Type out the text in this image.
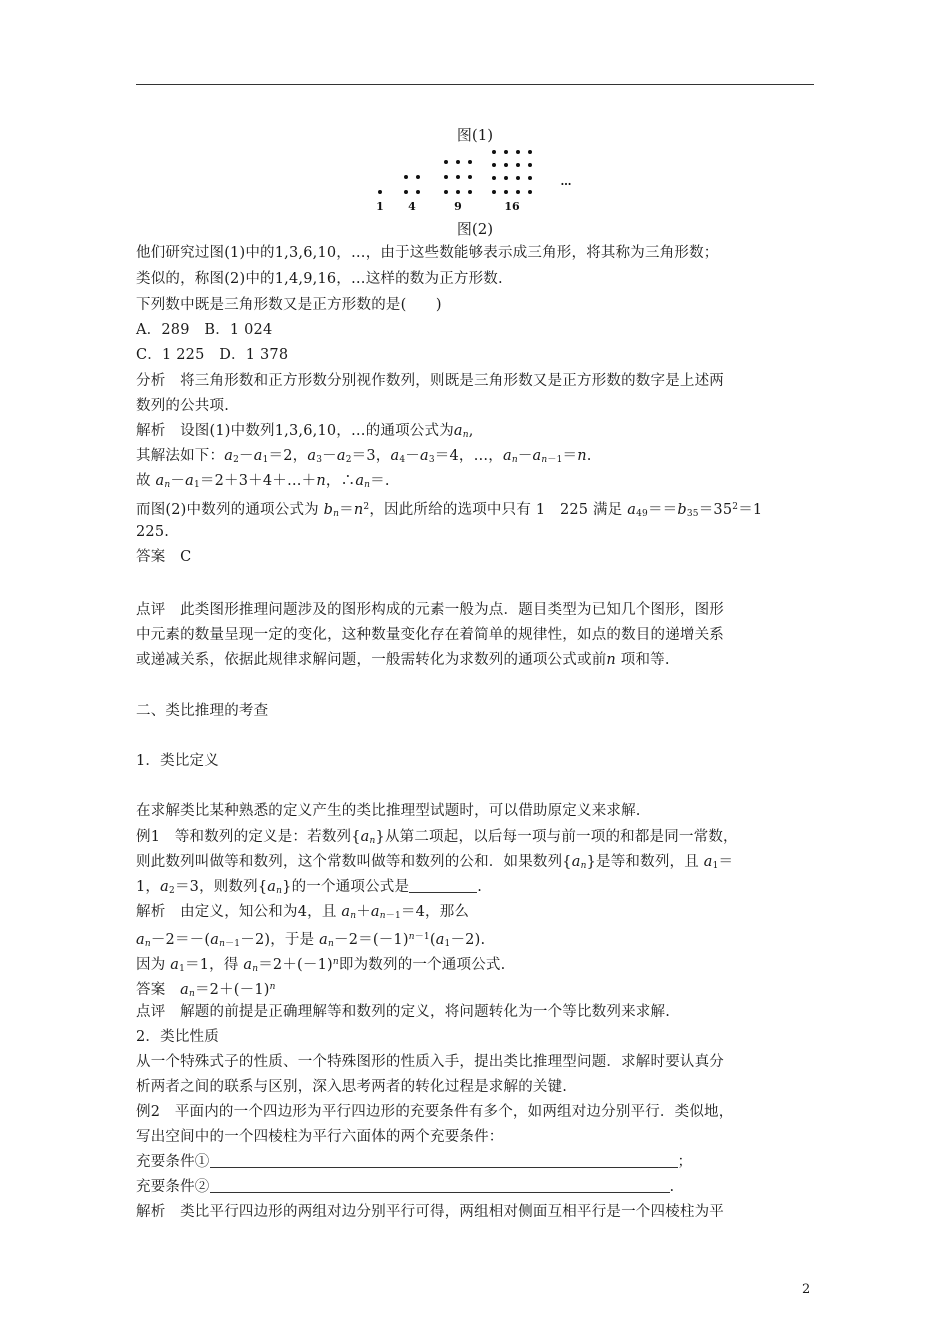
图(1)
1 4	9	16
…
图(2)
他们研究过图(1)中的1,3,6,10，…，由于这些数能够表示成三角形，将其称为三角形数；
类似的，称图(2)中的1,4,9,16，…这样的数为正方形数.
下列数中既是三角形数又是正方形数的是(　　)
A．289　B．1 024
C．1 225　D．1 378
分析　将三角形数和正方形数分别视作数列，则既是三角形数又是正方形数的数字是上述两
数列的公共项.
解析　设图(1)中数列1,3,6,10，…的通项公式为$a_n$,
其解法如下：$a_2-a_1=2$，$a_3-a_2=3$，$a_4-a_3=4$，…，$a_n-a_{n-1}=n$.
故 $a_n-a_1=2+3+4+\dots+n$，$\therefore a_n=$.
而图(2)中数列的通项公式为 $b_n=n^2$，因此所给的选项中只有 1　225 满足 $a_{49}==b_{35}=35^2=1$
225.
答案　C
点评　此类图形推理问题涉及的图形构成的元素一般为点．题目类型为已知几个图形，图形
中元素的数量呈现一定的变化，这种数量变化存在着简单的规律性，如点的数目的递增关系
或递减关系，依据此规律求解问题，一般需转化为求数列的通项公式或前n 项和等.
二、类比推理的考查
1．类比定义
在求解类比某种熟悉的定义产生的类比推理型试题时，可以借助原定义来求解.
例1　等和数列的定义是：若数列$\{a_n\}$从第二项起，以后每一项与前一项的和都是同一常数，
则此数列叫做等和数列，这个常数叫做等和数列的公和．如果数列$\{a_n\}$是等和数列，且 $a_1=$
1，$a_2=3$，则数列$\{a_n\}$的一个通项公式是	.
解析　由定义，知公和为4，且 $a_n+a_{n-1}=4$，那么
$a_n-2=-(a_{n-1}-2)$，于是 $a_n-2=(-1)^{n-1}(a_1-2)$.
因为 $a_1=1$，得 $a_n=2+(-1)^n$即为数列的一个通项公式.
答案　 $a_n=2+(-1)^n$
点评　解题的前提是正确理解等和数列的定义，将问题转化为一个等比数列来求解.
2．类比性质
从一个特殊式子的性质、一个特殊图形的性质入手，提出类比推理型问题．求解时要认真分
析两者之间的联系与区别，深入思考两者的转化过程是求解的关键.
例2　平面内的一个四边形为平行四边形的充要条件有多个，如两组对边分别平行．类似地，
写出空间中的一个四棱柱为平行六面体的两个充要条件：
充要条件①	；
充要条件②	.
解析　类比平行四边形的两组对边分别平行可得，两组相对侧面互相平行是一个四棱柱为平
2
